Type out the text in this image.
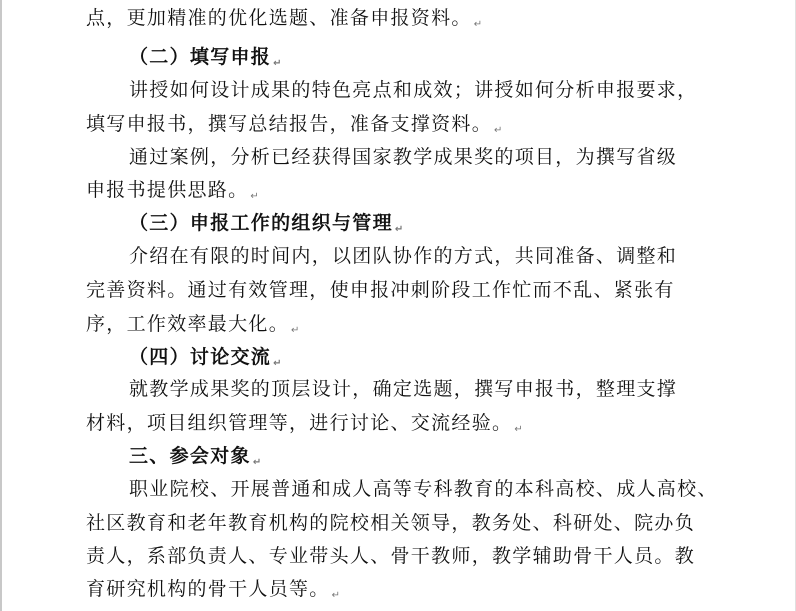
点，更加精准的优化选题、准备申报资料。 ↵
（二）填写申报 ↵
讲授如何设计成果的特色亮点和成效；讲授如何分析申报要求，
填写申报书，撰写总结报告，准备支撑资料。 ↵
通过案例，分析已经获得国家教学成果奖的项目，为撰写省级
申报书提供思路。 ↵
（三）申报工作的组织与管理 ↵
介绍在有限的时间内，以团队协作的方式，共同准备、调整和
完善资料。通过有效管理，使申报冲刺阶段工作忙而不乱、紧张有
序，工作效率最大化。 ↵
（四）讨论交流 ↵
就教学成果奖的顶层设计，确定选题，撰写申报书，整理支撑
材料，项目组织管理等，进行讨论、交流经验。 ↵
三、参会对象 ↵
职业院校、开展普通和成人高等专科教育的本科高校、成人高校、
社区教育和老年教育机构的院校相关领导，教务处、科研处、院办负
责人，系部负责人、专业带头人、骨干教师，教学辅助骨干人员。教
育研究机构的骨干人员等。 ↵
